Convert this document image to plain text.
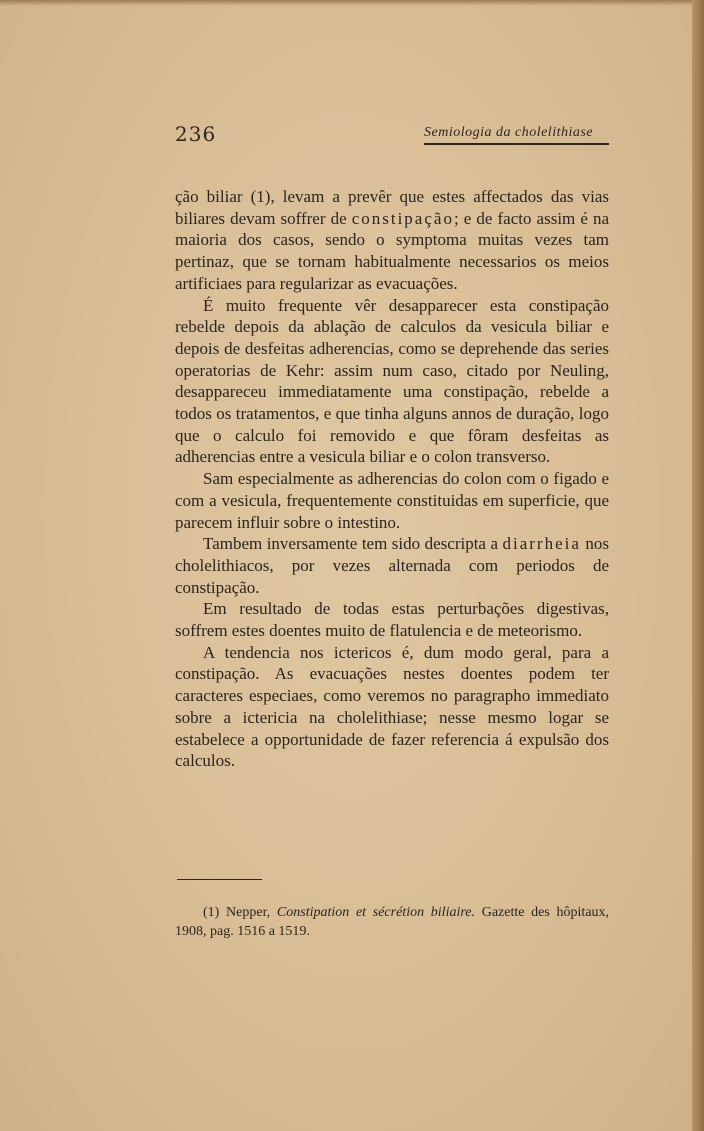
236	Semiologia da cholelithiase

ção biliar (1), levam a prevêr que estes affectados das vias biliares devam soffrer de constipação; e de facto assim é na maioria dos casos, sendo o symptoma muitas vezes tam pertinaz, que se tornam habitualmente necessarios os meios artificiaes para regularizar as evacuações.

É muito frequente vêr desapparecer esta constipação rebelde depois da ablação de calculos da vesicula biliar e depois de desfeitas adherencias, como se deprehende das series operatorias de Kehr: assim num caso, citado por Neuling, desappareceu immediatamente uma constipação, rebelde a todos os tratamentos, e que tinha alguns annos de duração, logo que o calculo foi removido e que fôram desfeitas as adherencias entre a vesicula biliar e o colon transverso.

Sam especialmente as adherencias do colon com o figado e com a vesicula, frequentemente constituidas em superficie, que parecem influir sobre o intestino.

Tambem inversamente tem sido descripta a diarrheia nos cholelithiacos, por vezes alternada com periodos de constipação.

Em resultado de todas estas perturbações digestivas, soffrem estes doentes muito de flatulencia e de meteorismo.

A tendencia nos ictericos é, dum modo geral, para a constipação. As evacuações nestes doentes podem ter caracteres especiaes, como veremos no paragrapho immediato sobre a ictericia na cholelithiase; nesse mesmo logar se estabelece a opportunidade de fazer referencia á expulsão dos calculos.

(1) Nepper, Constipation et sécrétion biliaire. Gazette des hôpitaux, 1908, pag. 1516 a 1519.
